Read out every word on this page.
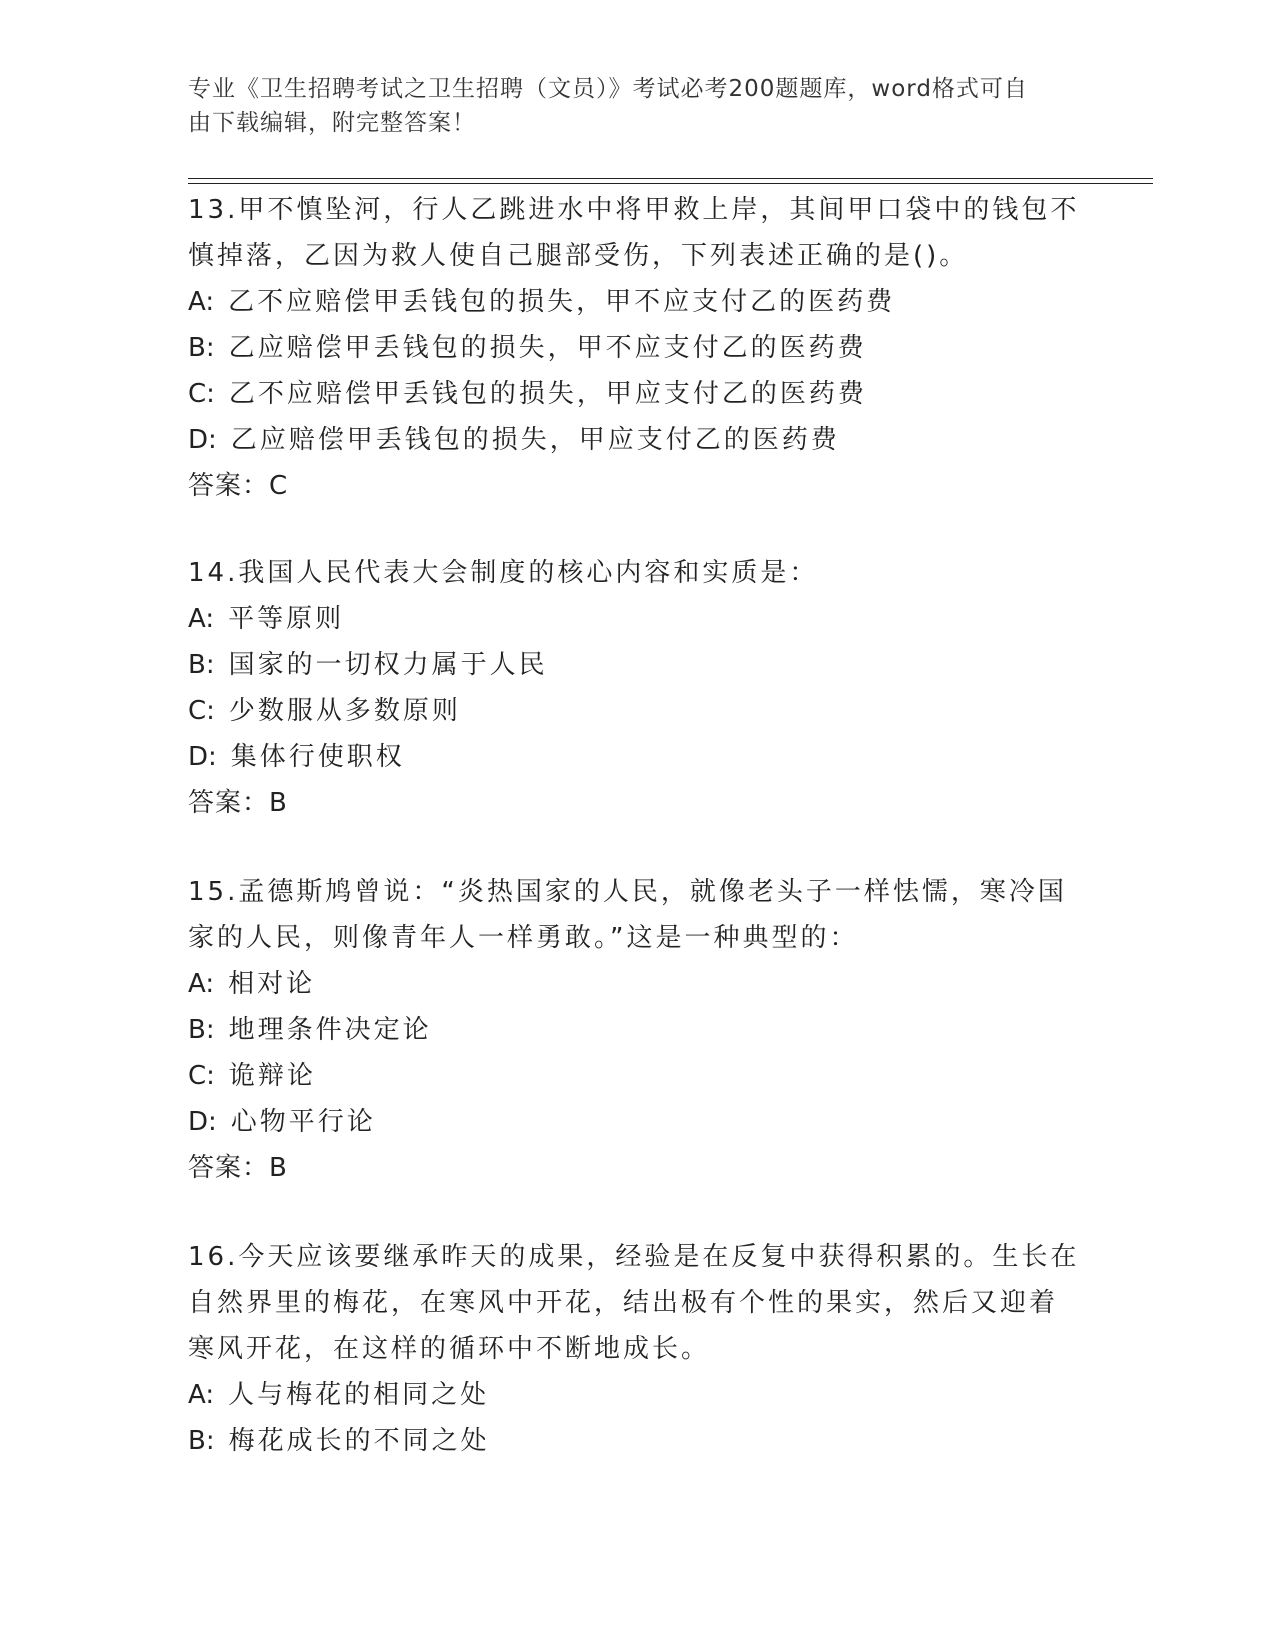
专业《卫生招聘考试之卫生招聘（文员）》考试必考200题题库，word格式可自
由下载编辑，附完整答案！
13.甲不慎坠河，行人乙跳进水中将甲救上岸，其间甲口袋中的钱包不
慎掉落，乙因为救人使自己腿部受伤，下列表述正确的是()。
A: 乙不应赔偿甲丢钱包的损失，甲不应支付乙的医药费
B: 乙应赔偿甲丢钱包的损失，甲不应支付乙的医药费
C: 乙不应赔偿甲丢钱包的损失，甲应支付乙的医药费
D: 乙应赔偿甲丢钱包的损失，甲应支付乙的医药费
答案：C
14.我国人民代表大会制度的核心内容和实质是：
A: 平等原则
B: 国家的一切权力属于人民
C: 少数服从多数原则
D: 集体行使职权
答案：B
15.孟德斯鸠曾说：“炎热国家的人民，就像老头子一样怯懦，寒冷国
家的人民，则像青年人一样勇敢。”这是一种典型的：
A: 相对论
B: 地理条件决定论
C: 诡辩论
D: 心物平行论
答案：B
16.今天应该要继承昨天的成果，经验是在反复中获得积累的。生长在
自然界里的梅花，在寒风中开花，结出极有个性的果实，然后又迎着
寒风开花，在这样的循环中不断地成长。
A: 人与梅花的相同之处
B: 梅花成长的不同之处
